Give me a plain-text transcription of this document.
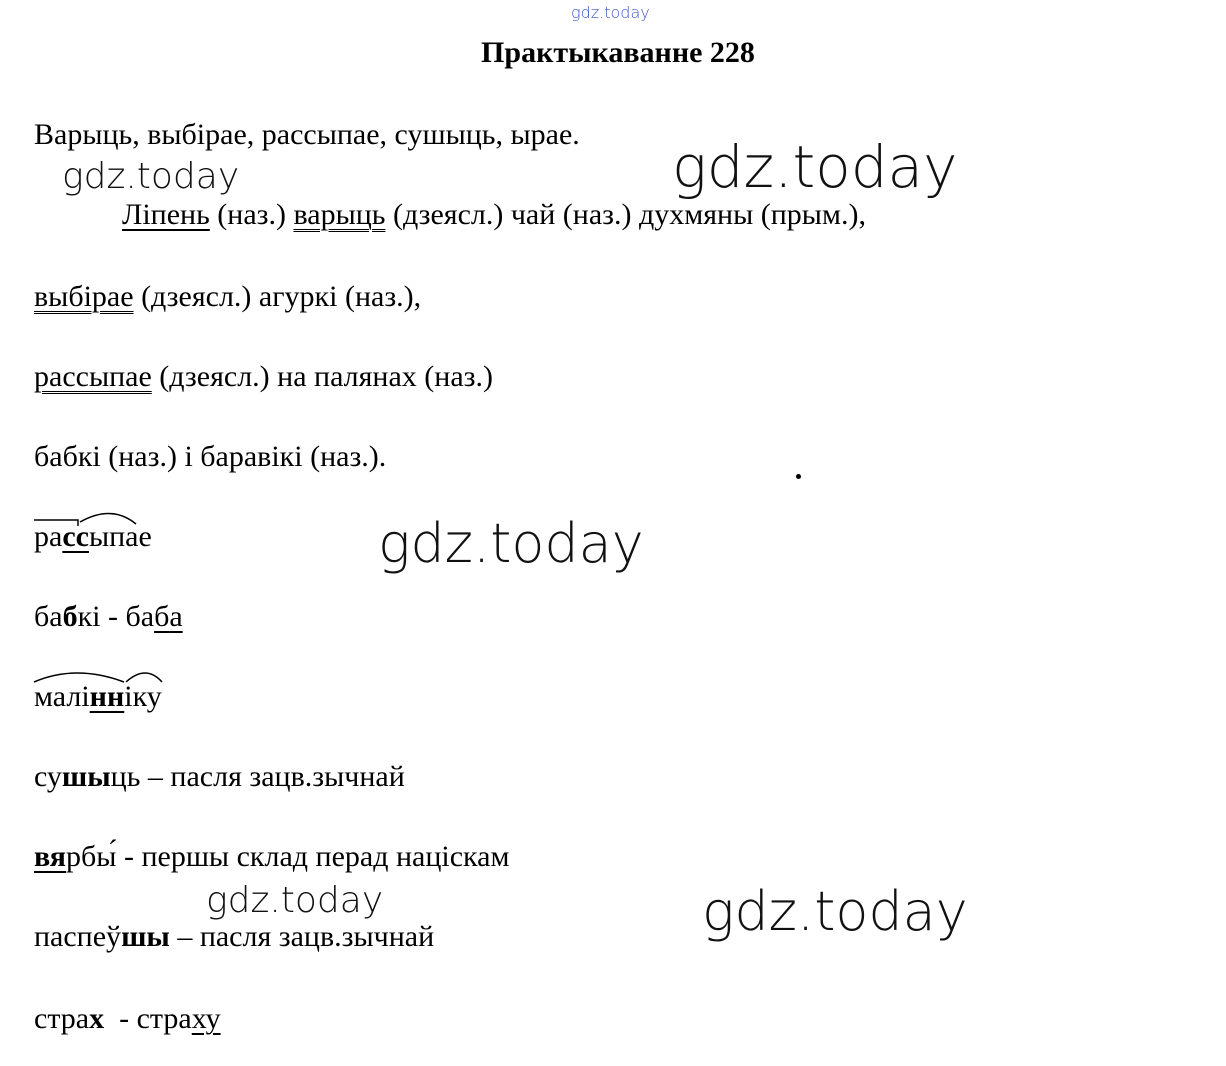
gdz.today
gdz.today	gdz.today
gdz.today
gdz.today	gdz.today
Практыкаванне 228
Варыць, выбірае, рассыпае, сушыць, ырае.
Ліпень (наз.) варыць (дзеясл.) чай (наз.) духмяны (прым.),
выбірае (дзеясл.) агуркі (наз.),
рассыпае (дзеясл.) на палянах (наз.)
бабкі (наз.) і баравікі (наз.).
рассыпае
бабкі - баба
малінніку
сушыць – пасля зацв.зычнай
вярбы́ - першы склад перад націскам
паспеўшы – пасля зацв.зычнай
страх  - страху
